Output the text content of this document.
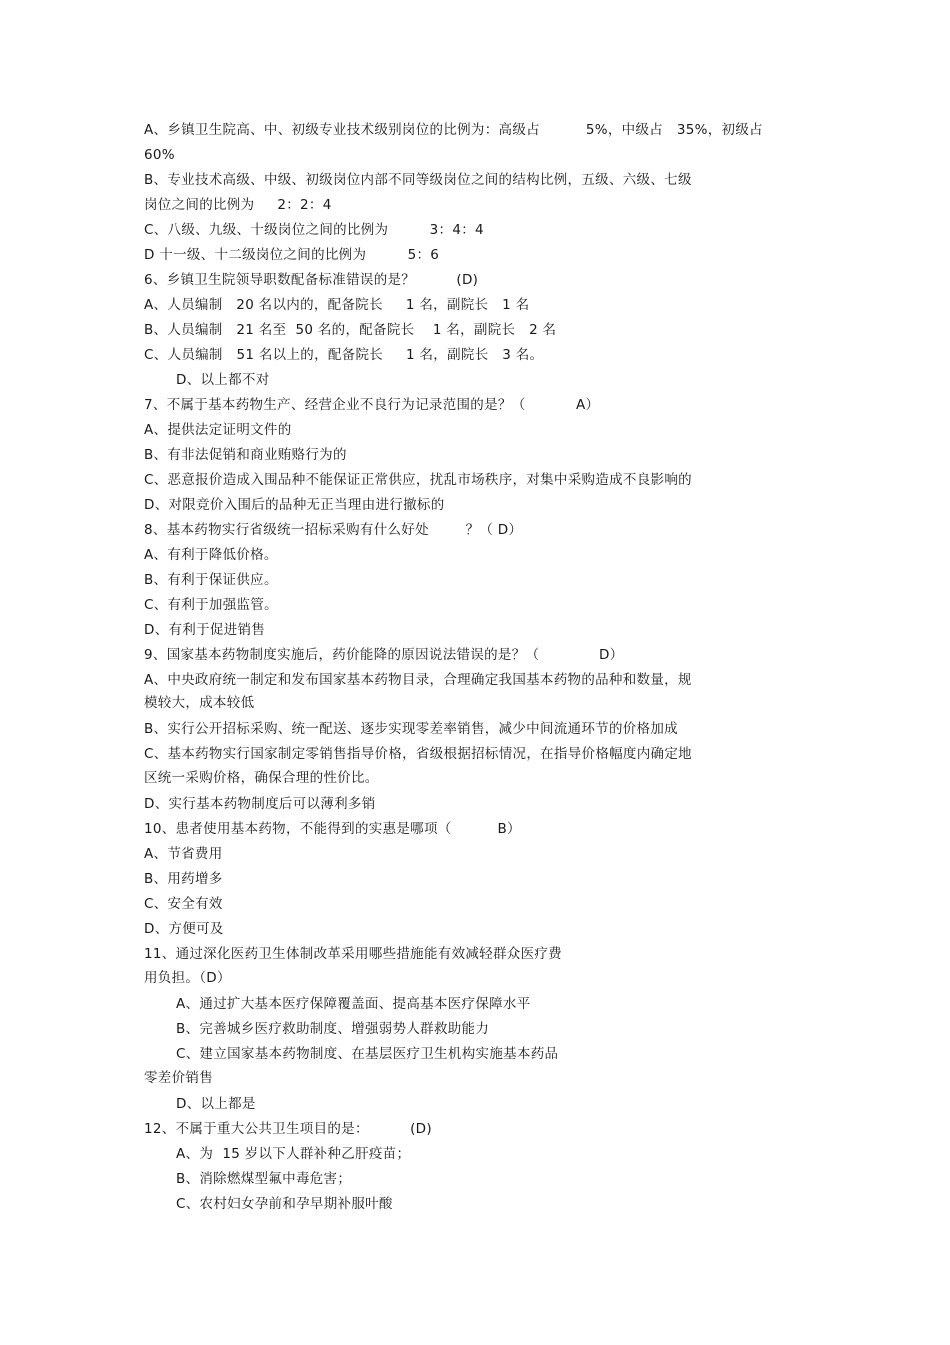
A、乡镇卫生院高、中、初级专业技术级别岗位的比例为：高级占          5%，中级占   35%，初级占
60%
B、专业技术高级、中级、初级岗位内部不同等级岗位之间的结构比例，五级、六级、七级
岗位之间的比例为     2：2：4
C、八级、九级、十级岗位之间的比例为         3：4：4
D 十一级、十二级岗位之间的比例为         5：6
6、乡镇卫生院领导职数配备标准错误的是？         (D)
A、人员编制   20 名以内的，配备院长     1 名，副院长   1 名
B、人员编制   21 名至  50 名的，配备院长    1 名，副院长   2 名
C、人员编制   51 名以上的，配备院长     1 名，副院长   3 名。
D、以上都不对
7、不属于基本药物生产、经营企业不良行为记录范围的是？（           A）
A、提供法定证明文件的
B、有非法促销和商业贿赂行为的
C、恶意报价造成入围品种不能保证正常供应，扰乱市场秩序，对集中采购造成不良影响的
D、对限竞价入围后的品种无正当理由进行撤标的
8、基本药物实行省级统一招标采购有什么好处        ？（ D）
A、有利于降低价格。
B、有利于保证供应。
C、有利于加强监管。
D、有利于促进销售
9、国家基本药物制度实施后，药价能降的原因说法错误的是？（             D）
A、中央政府统一制定和发布国家基本药物目录，合理确定我国基本药物的品种和数量，规
模较大，成本较低
B、实行公开招标采购、统一配送、逐步实现零差率销售，减少中间流通环节的价格加成
C、基本药物实行国家制定零销售指导价格，省级根据招标情况，在指导价格幅度内确定地
区统一采购价格，确保合理的性价比。
D、实行基本药物制度后可以薄利多销
10、患者使用基本药物，不能得到的实惠是哪项（          B）
A、节省费用
B、用药增多
C、安全有效
D、方便可及
11、通过深化医药卫生体制改革采用哪些措施能有效减轻群众医疗费
用负担。（D）
A、通过扩大基本医疗保障覆盖面、提高基本医疗保障水平
B、完善城乡医疗救助制度、增强弱势人群救助能力
C、建立国家基本药物制度、在基层医疗卫生机构实施基本药品
零差价销售
D、以上都是
12、不属于重大公共卫生项目的是：         (D)
A、为  15 岁以下人群补种乙肝疫苗；
B、消除燃煤型氟中毒危害；
C、农村妇女孕前和孕早期补服叶酸
